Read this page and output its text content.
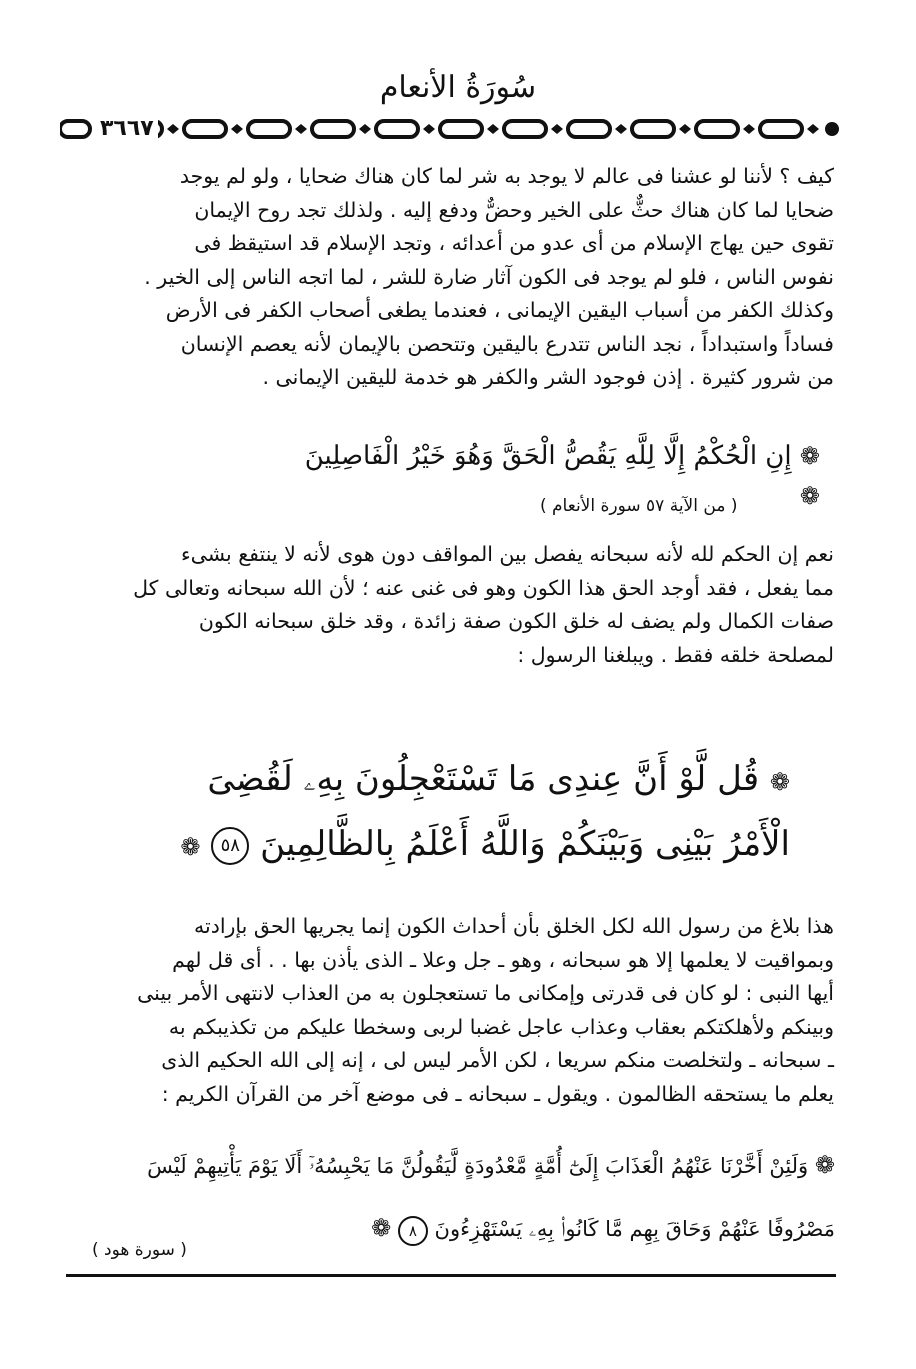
سُورَةُ الأنعام
٣٦٦٧

كيف ؟ لأننا لو عشنا فى عالم لا يوجد به شر لما كان هناك ضحايا ، ولو لم يوجد

ضحايا لما كان هناك حثٌّ على الخير وحضٌّ ودفع إليه . ولذلك تجد روح الإيمان

تقوى حين يهاج الإسلام من أى عدو من أعدائه ، وتجد الإسلام قد استيقظ فى

نفوس الناس ، فلو لم يوجد فى الكون آثار ضارة للشر ، لما اتجه الناس إلى الخير .

وكذلك الكفر من أسباب اليقين الإيمانى ، فعندما يطغى أصحاب الكفر فى الأرض

فساداً واستبداداً ، نجد الناس تتدرع باليقين وتتحصن بالإيمان لأنه يعصم الإنسان

من شرور كثيرة . إذن فوجود الشر والكفر هو خدمة لليقين الإيمانى .

❁ إِنِ الْحُكْمُ إِلَّا لِلَّهِ يَقُصُّ الْحَقَّ وَهُوَ خَيْرُ الْفَاصِلِينَ ❁
( من الآية ٥٧ سورة الأنعام )

نعم إن الحكم لله لأنه سبحانه يفصل بين المواقف دون هوى لأنه لا ينتفع بشىء

مما يفعل ، فقد أوجد الحق هذا الكون وهو فى غنى عنه ؛ لأن الله سبحانه وتعالى كل

صفات الكمال ولم يضف له خلق الكون صفة زائدة ، وقد خلق سبحانه الكون

لمصلحة خلقه فقط . ويبلغنا الرسول :

❁ قُل لَّوْ أَنَّ عِندِى مَا تَسْتَعْجِلُونَ بِهِۦ لَقُضِىَ
الْأَمْرُ بَيْنِى وَبَيْنَكُمْ وَاللَّهُ أَعْلَمُ بِالظَّالِمِينَ ٥٨ ❁

هذا بلاغ من رسول الله لكل الخلق بأن أحداث الكون إنما يجريها الحق بإرادته

وبمواقيت لا يعلمها إلا هو سبحانه ، وهو ـ جل وعلا ـ الذى يأذن بها . . أى قل لهم

أيها النبى : لو كان فى قدرتى وإمكانى ما تستعجلون به من العذاب لانتهى الأمر بينى

وبينكم ولأهلكتكم بعقاب وعذاب عاجل غضبا لربى وسخطا عليكم من تكذيبكم به

ـ سبحانه ـ ولتخلصت منكم سريعا ، لكن الأمر ليس لى ، إنه إلى الله الحكيم الذى

يعلم ما يستحقه الظالمون . ويقول ـ سبحانه ـ فى موضع آخر من القرآن الكريم :

❁ وَلَئِنْ أَخَّرْنَا عَنْهُمُ الْعَذَابَ إِلَىٰٓ أُمَّةٍ مَّعْدُودَةٍ لَّيَقُولُنَّ مَا يَحْبِسُهُۥٓ أَلَا يَوْمَ يَأْتِيهِمْ لَيْسَ
مَصْرُوفًا عَنْهُمْ وَحَاقَ بِهِم مَّا كَانُوا۟ بِهِۦ يَسْتَهْزِءُونَ ٨ ❁
( سورة هود )
